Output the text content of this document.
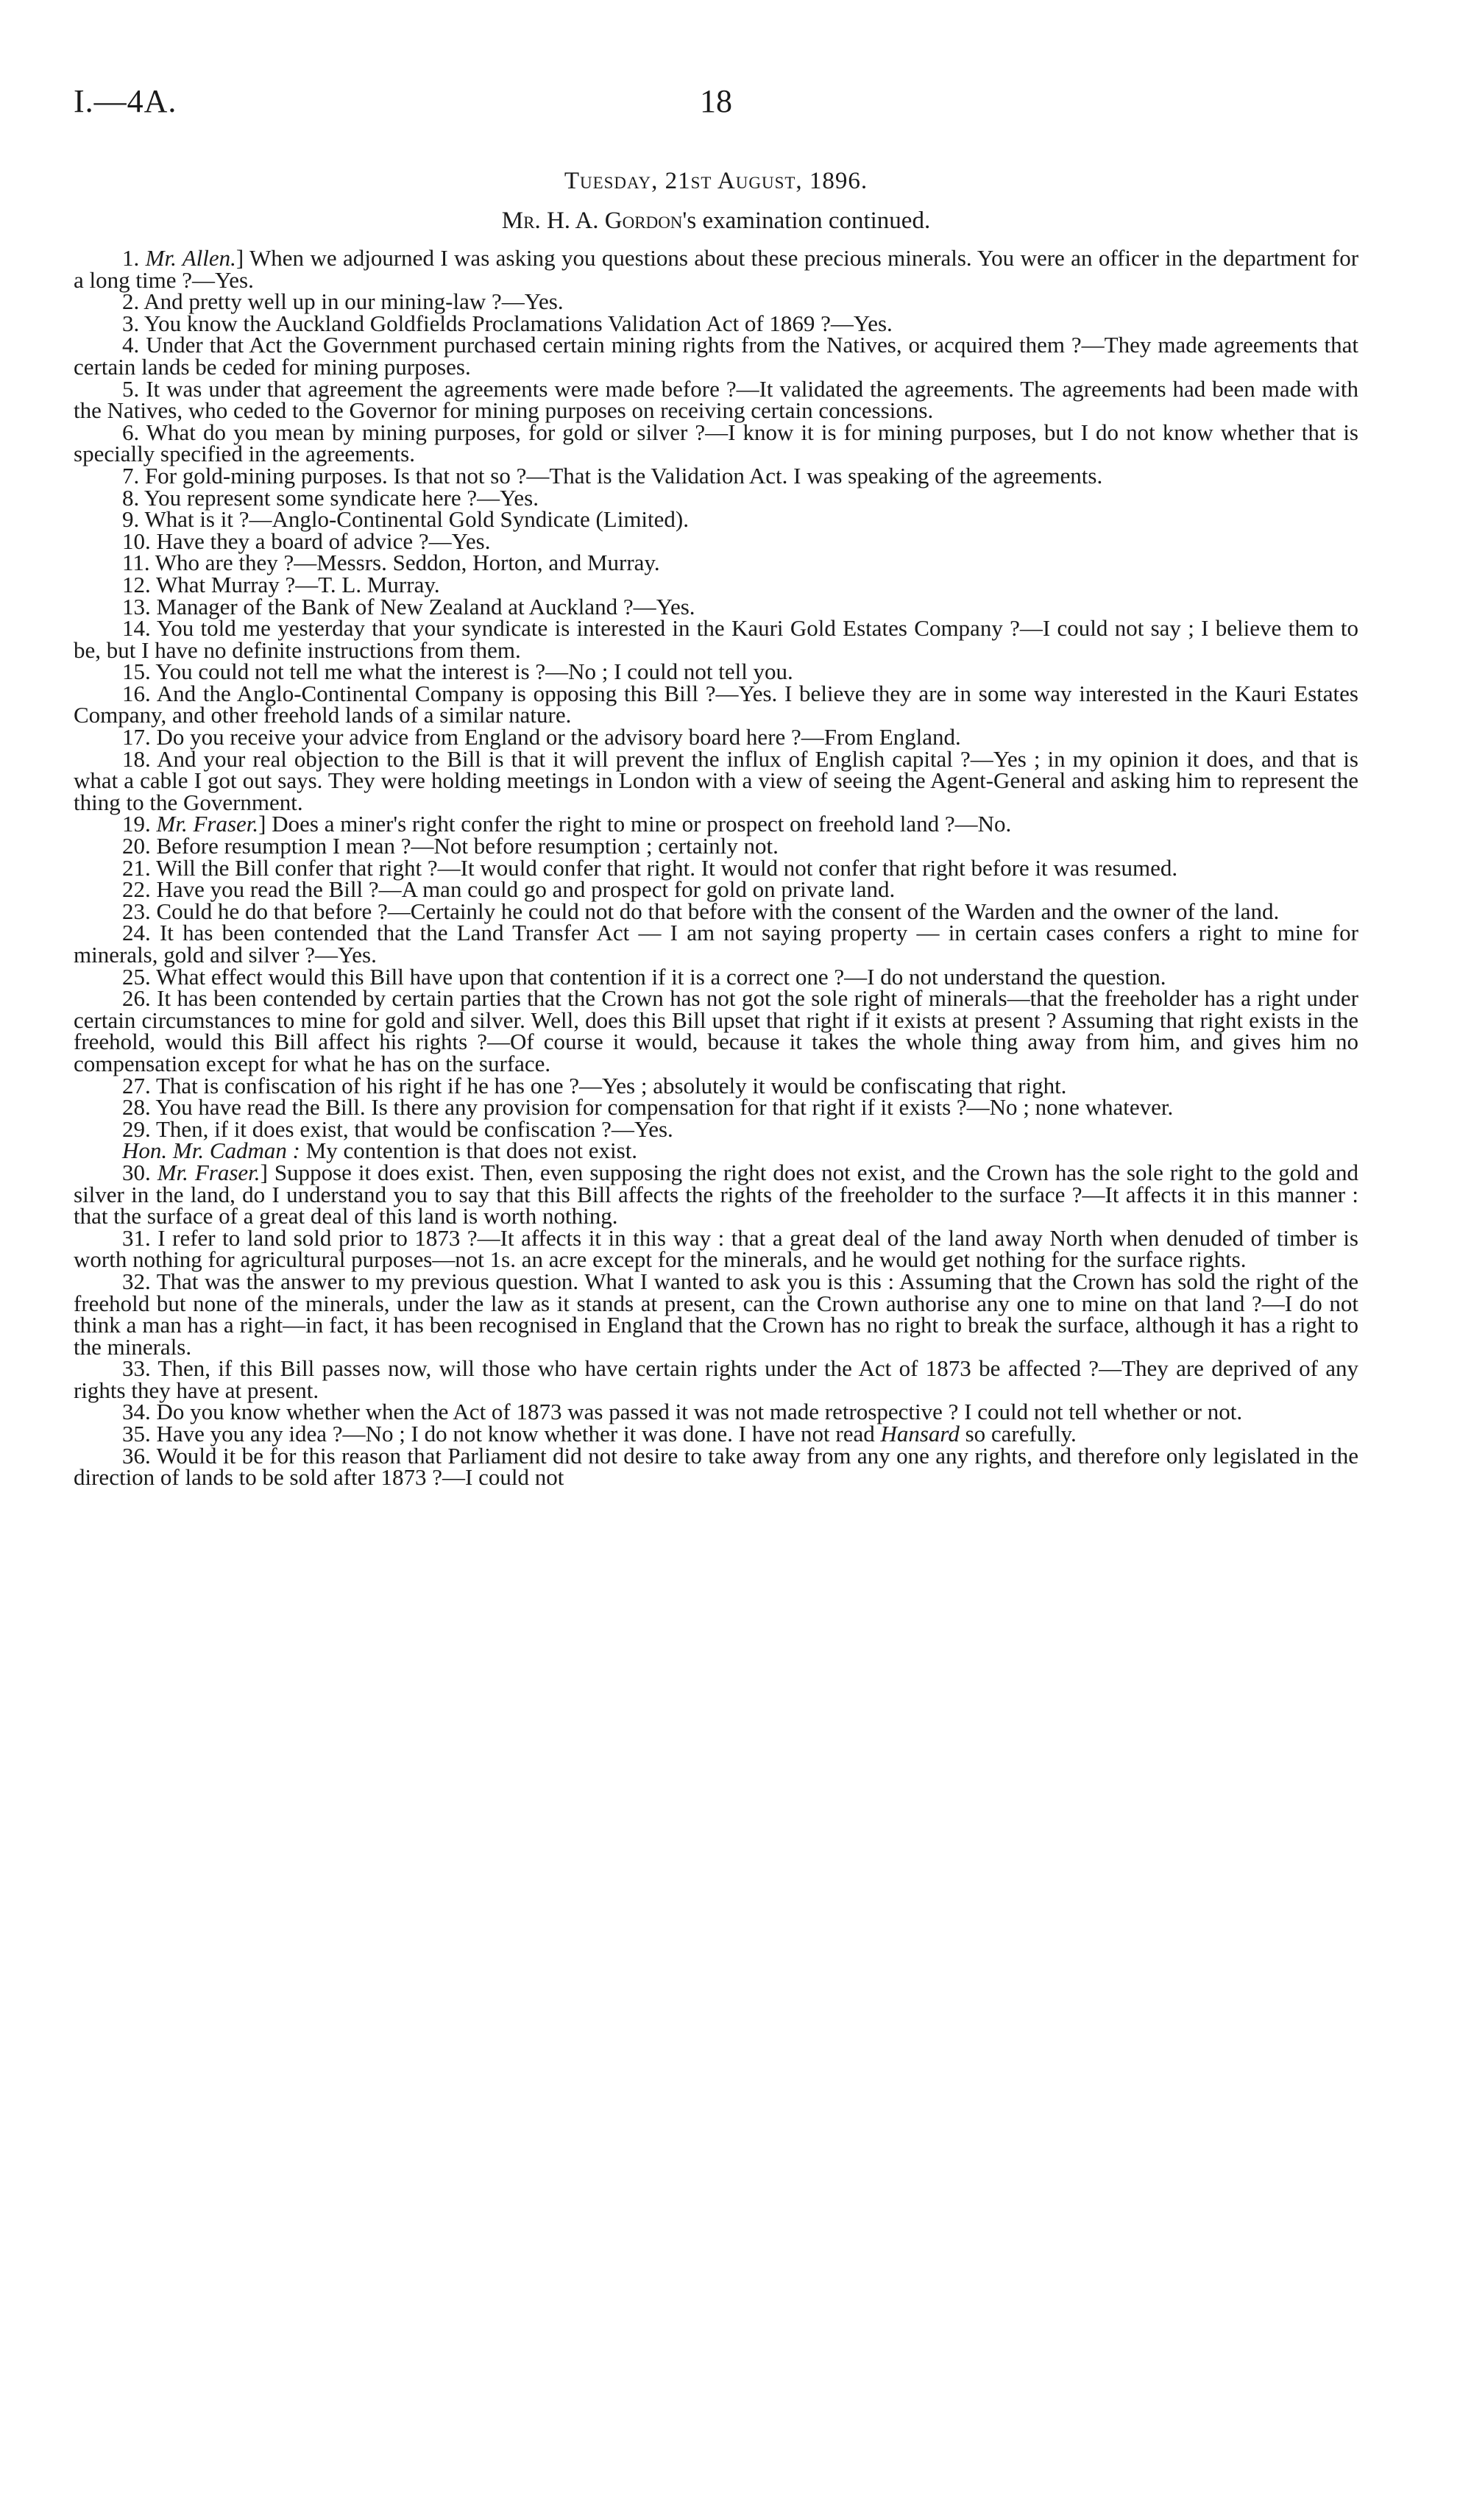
I.—4A.	18
Tuesday, 21st August, 1896.
Mr. H. A. Gordon's examination continued.

1. Mr. Allen.] When we adjourned I was asking you questions about these precious minerals. You were an officer in the department for a long time ?—Yes.

2. And pretty well up in our mining-law ?—Yes.

3. You know the Auckland Goldfields Proclamations Validation Act of 1869 ?—Yes.

4. Under that Act the Government purchased certain mining rights from the Natives, or acquired them ?—They made agreements that certain lands be ceded for mining purposes.

5. It was under that agreement the agreements were made before ?—It validated the agreements. The agreements had been made with the Natives, who ceded to the Governor for mining purposes on receiving certain concessions.

6. What do you mean by mining purposes, for gold or silver ?—I know it is for mining purposes, but I do not know whether that is specially specified in the agreements.

7. For gold-mining purposes. Is that not so ?—That is the Validation Act. I was speaking of the agreements.

8. You represent some syndicate here ?—Yes.

9. What is it ?—Anglo-Continental Gold Syndicate (Limited).

10. Have they a board of advice ?—Yes.

11. Who are they ?—Messrs. Seddon, Horton, and Murray.

12. What Murray ?—T. L. Murray.

13. Manager of the Bank of New Zealand at Auckland ?—Yes.

14. You told me yesterday that your syndicate is interested in the Kauri Gold Estates Company ?—I could not say ; I believe them to be, but I have no definite instructions from them.

15. You could not tell me what the interest is ?—No ; I could not tell you.

16. And the Anglo-Continental Company is opposing this Bill ?—Yes. I believe they are in some way interested in the Kauri Estates Company, and other freehold lands of a similar nature.

17. Do you receive your advice from England or the advisory board here ?—From England.

18. And your real objection to the Bill is that it will prevent the influx of English capital ?—Yes ; in my opinion it does, and that is what a cable I got out says. They were holding meetings in London with a view of seeing the Agent-General and asking him to represent the thing to the Government.

19. Mr. Fraser.] Does a miner's right confer the right to mine or prospect on freehold land ?—No.

20. Before resumption I mean ?—Not before resumption ; certainly not.

21. Will the Bill confer that right ?—It would confer that right. It would not confer that right before it was resumed.

22. Have you read the Bill ?—A man could go and prospect for gold on private land.

23. Could he do that before ?—Certainly he could not do that before with the consent of the Warden and the owner of the land.

24. It has been contended that the Land Transfer Act — I am not saying property — in certain cases confers a right to mine for minerals, gold and silver ?—Yes.

25. What effect would this Bill have upon that contention if it is a correct one ?—I do not understand the question.

26. It has been contended by certain parties that the Crown has not got the sole right of minerals—that the freeholder has a right under certain circumstances to mine for gold and silver. Well, does this Bill upset that right if it exists at present ? Assuming that right exists in the freehold, would this Bill affect his rights ?—Of course it would, because it takes the whole thing away from him, and gives him no compensation except for what he has on the surface.

27. That is confiscation of his right if he has one ?—Yes ; absolutely it would be confiscating that right.

28. You have read the Bill. Is there any provision for compensation for that right if it exists ?—No ; none whatever.

29. Then, if it does exist, that would be confiscation ?—Yes.

Hon. Mr. Cadman : My contention is that does not exist.

30. Mr. Fraser.] Suppose it does exist. Then, even supposing the right does not exist, and the Crown has the sole right to the gold and silver in the land, do I understand you to say that this Bill affects the rights of the freeholder to the surface ?—It affects it in this manner : that the surface of a great deal of this land is worth nothing.

31. I refer to land sold prior to 1873 ?—It affects it in this way : that a great deal of the land away North when denuded of timber is worth nothing for agricultural purposes—not 1s. an acre except for the minerals, and he would get nothing for the surface rights.

32. That was the answer to my previous question. What I wanted to ask you is this : Assuming that the Crown has sold the right of the freehold but none of the minerals, under the law as it stands at present, can the Crown authorise any one to mine on that land ?—I do not think a man has a right—in fact, it has been recognised in England that the Crown has no right to break the surface, although it has a right to the minerals.

33. Then, if this Bill passes now, will those who have certain rights under the Act of 1873 be affected ?—They are deprived of any rights they have at present.

34. Do you know whether when the Act of 1873 was passed it was not made retrospective ? I could not tell whether or not.

35. Have you any idea ?—No ; I do not know whether it was done. I have not read Hansard so carefully.

36. Would it be for this reason that Parliament did not desire to take away from any one any rights, and therefore only legislated in the direction of lands to be sold after 1873 ?—I could not
